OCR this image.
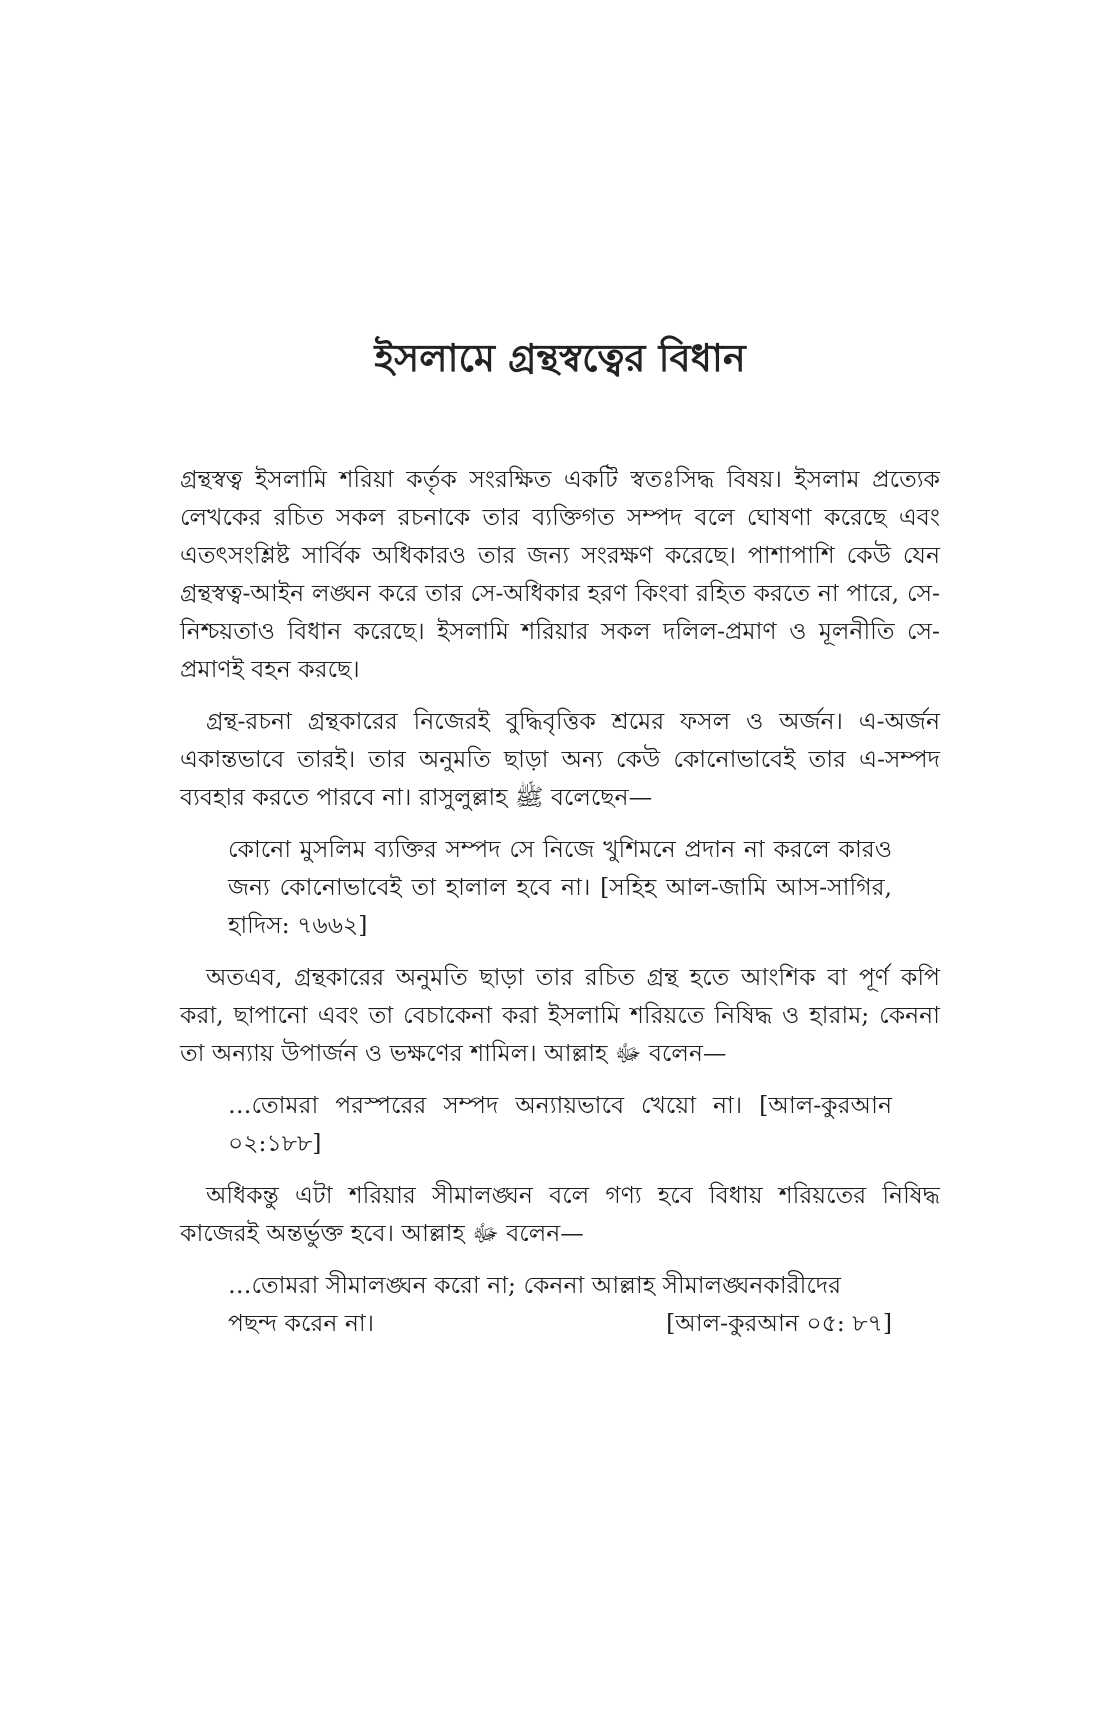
ইসলামে গ্রন্থস্বত্বের বিধান

গ্রন্থস্বত্ব ইসলামি শরিয়া কর্তৃক সংরক্ষিত একটি স্বতঃসিদ্ধ বিষয়। ইসলাম প্রত্যেক লেখকের রচিত সকল রচনাকে তার ব্যক্তিগত সম্পদ বলে ঘোষণা করেছে এবং এতৎসংশ্লিষ্ট সার্বিক অধিকারও তার জন্য সংরক্ষণ করেছে। পাশাপাশি কেউ যেন গ্রন্থস্বত্ব-আইন লঙ্ঘন করে তার সে-অধিকার হরণ কিংবা রহিত করতে না পারে, সে-নিশ্চয়তাও বিধান করেছে। ইসলামি শরিয়ার সকল দলিল-প্রমাণ ও মূলনীতি সে-প্রমাণই বহন করছে।

গ্রন্থ-রচনা গ্রন্থকারের নিজেরই বুদ্ধিবৃত্তিক শ্রমের ফসল ও অর্জন। এ-অর্জন একান্তভাবে তারই। তার অনুমতি ছাড়া অন্য কেউ কোনোভাবেই তার এ-সম্পদ ব্যবহার করতে পারবে না। রাসুলুল্লাহ ﷺ বলেছেন—

কোনো মুসলিম ব্যক্তির সম্পদ সে নিজে খুশিমনে প্রদান না করলে কারও জন্য কোনোভাবেই তা হালাল হবে না। [সহিহ আল-জামি আস-সাগির, হাদিস: ৭৬৬২]

অতএব, গ্রন্থকারের অনুমতি ছাড়া তার রচিত গ্রন্থ হতে আংশিক বা পূর্ণ কপি করা, ছাপানো এবং তা বেচাকেনা করা ইসলামি শরিয়তে নিষিদ্ধ ও হারাম; কেননা তা অন্যায় উপার্জন ও ভক্ষণের শামিল। আল্লাহ ﷻ বলেন—

…তোমরা পরস্পরের সম্পদ অন্যায়ভাবে খেয়ো না। [আল-কুরআন ০২:১৮৮]

অধিকন্তু এটা শরিয়ার সীমালঙ্ঘন বলে গণ্য হবে বিধায় শরিয়তের নিষিদ্ধ কাজেরই অন্তর্ভুক্ত হবে। আল্লাহ ﷻ বলেন—

…তোমরা সীমালঙ্ঘন করো না; কেননা আল্লাহ সীমালঙ্ঘনকারীদের
পছন্দ করেন না।	[আল-কুরআন ০৫: ৮৭]
